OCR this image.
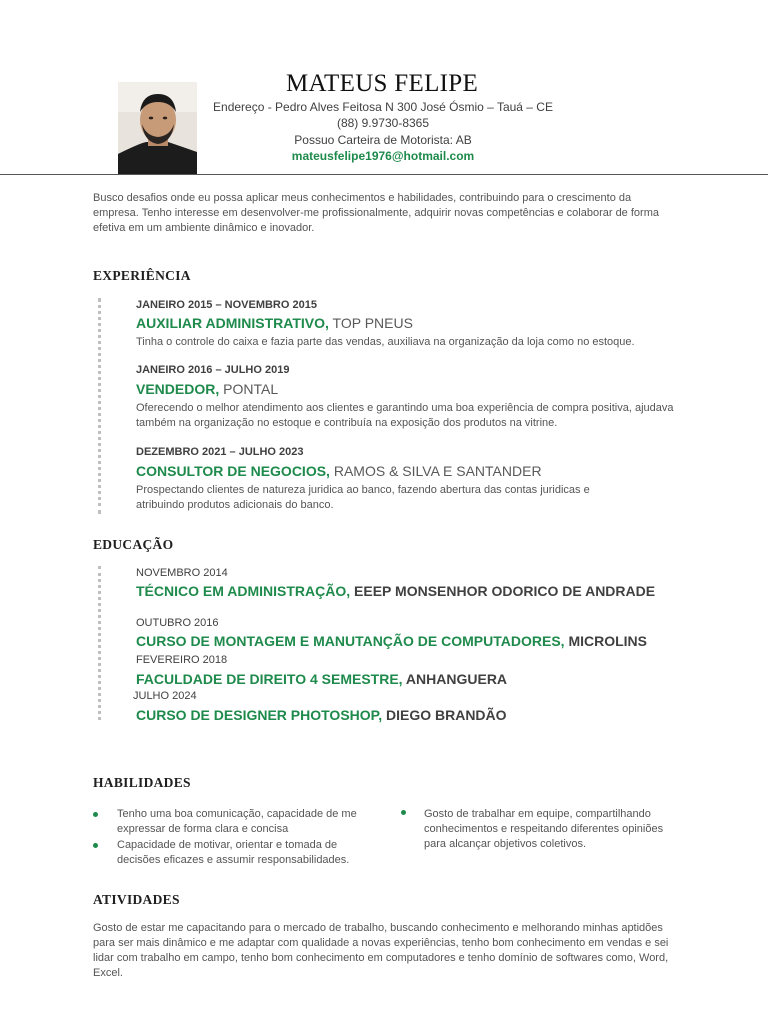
MATEUS FELIPE
Endereço - Pedro Alves Feitosa N 300 José Ósmio – Tauá – CE
(88) 9.9730-8365
Possuo Carteira de Motorista: AB
mateusfelipe1976@hotmail.com
Busco desafios onde eu possa aplicar meus conhecimentos e habilidades, contribuindo para o crescimento da empresa. Tenho interesse em desenvolver-me profissionalmente, adquirir novas competências e colaborar de forma efetiva em um ambiente dinâmico e inovador.
EXPERIÊNCIA
JANEIRO 2015 – NOVEMBRO 2015
AUXILIAR ADMINISTRATIVO, TOP PNEUS
Tinha o controle do caixa e fazia parte das vendas, auxiliava na organização da loja como no estoque.
JANEIRO 2016 – JULHO 2019
VENDEDOR, PONTAL
Oferecendo o melhor atendimento aos clientes e garantindo uma boa experiência de compra positiva, ajudava também na organização no estoque e contribuía na exposição dos produtos na vitrine.
DEZEMBRO 2021 – JULHO 2023
CONSULTOR DE NEGOCIOS, RAMOS & SILVA E SANTANDER
Prospectando clientes de natureza juridica ao banco, fazendo abertura das contas juridicas e atribuindo produtos adicionais do banco.
EDUCAÇÃO
NOVEMBRO 2014
TÉCNICO EM ADMINISTRAÇÃO, EEEP MONSENHOR ODORICO DE ANDRADE
OUTUBRO 2016
CURSO DE MONTAGEM E MANUTANÇÃO DE COMPUTADORES, MICROLINS
FEVEREIRO 2018
FACULDADE DE DIREITO 4 SEMESTRE, ANHANGUERA
JULHO 2024
CURSO DE DESIGNER PHOTOSHOP, DIEGO BRANDÃO
HABILIDADES
Tenho uma boa comunicação, capacidade de me expressar de forma clara e concisa
Capacidade de motivar, orientar e tomada de decisões eficazes e assumir responsabilidades.
Gosto de trabalhar em equipe, compartilhando conhecimentos e respeitando diferentes opiniões para alcançar objetivos coletivos.
ATIVIDADES
Gosto de estar me capacitando para o mercado de trabalho, buscando conhecimento e melhorando minhas aptidões para ser mais dinâmico e me adaptar com qualidade a novas experiências, tenho bom conhecimento em vendas e sei lidar com trabalho em campo, tenho bom conhecimento em computadores e tenho domínio de softwares como, Word, Excel.
